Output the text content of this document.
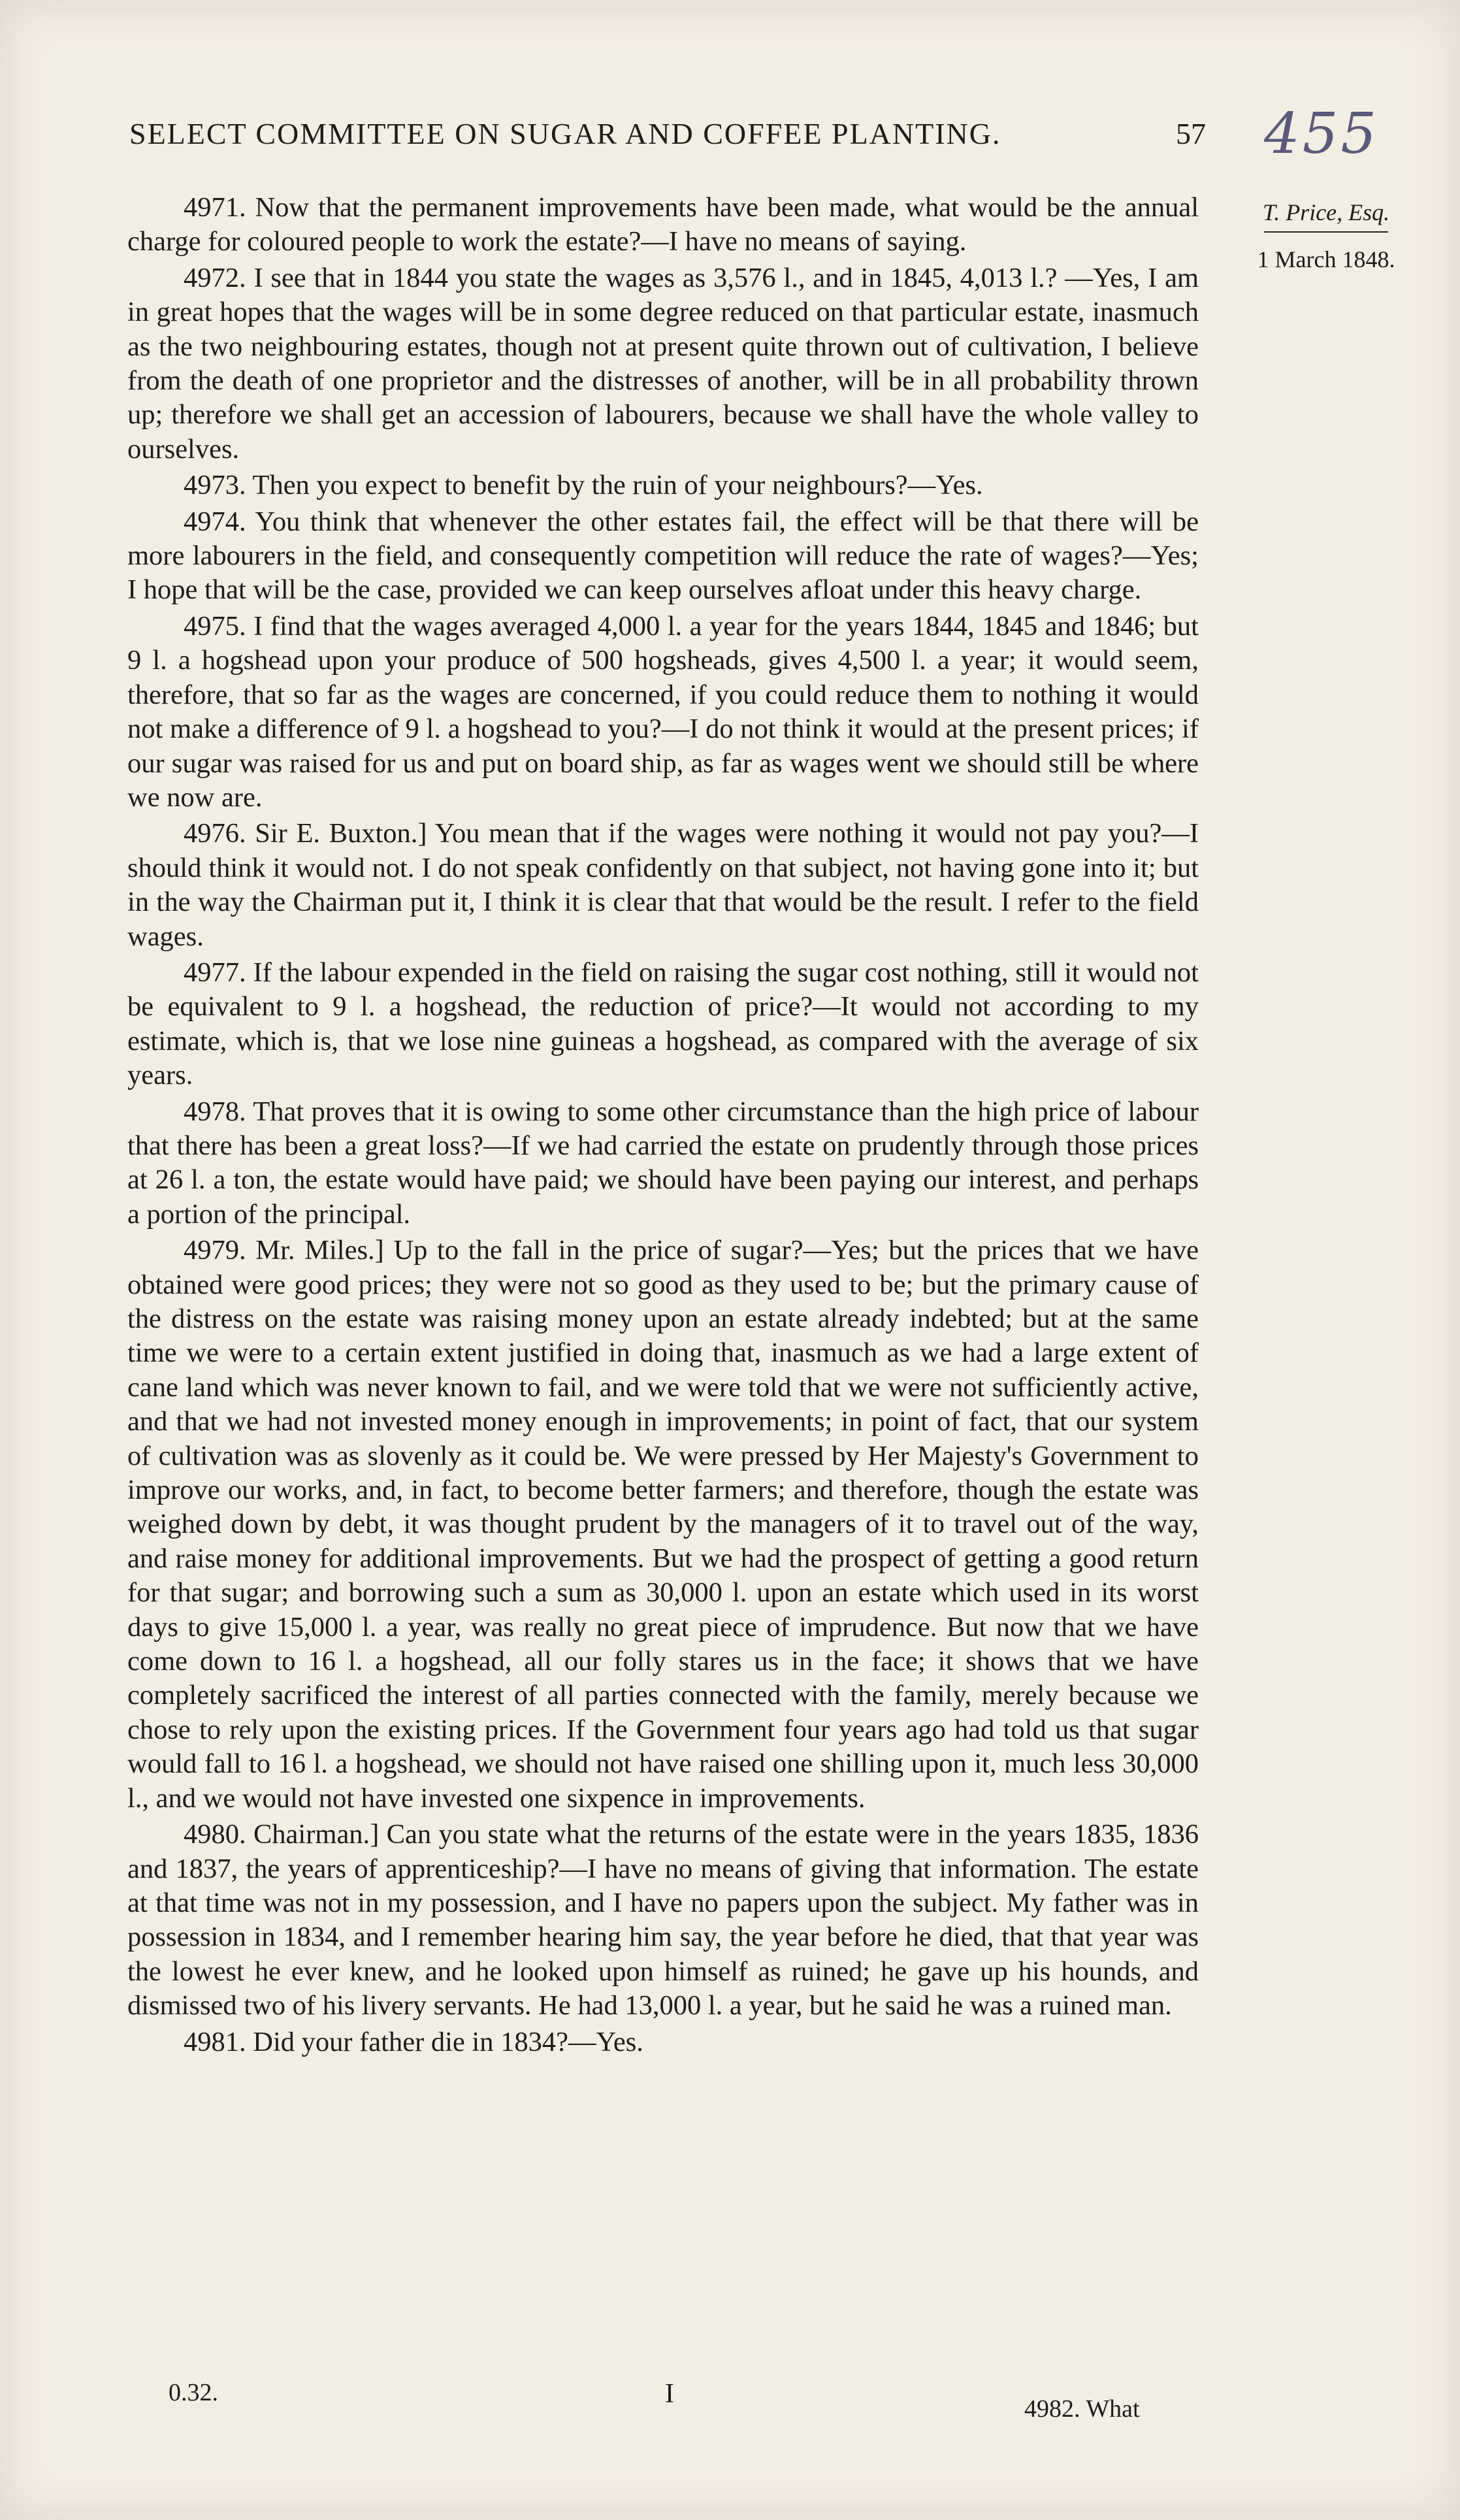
SELECT COMMITTEE ON SUGAR AND COFFEE PLANTING.	57 455
T. Price, Esq.
1 March 1848.

4971. Now that the permanent improvements have been made, what would be the annual charge for coloured people to work the estate?—I have no means of saying.

4972. I see that in 1844 you state the wages as 3,576 l., and in 1845, 4,013 l.? —Yes, I am in great hopes that the wages will be in some degree reduced on that particular estate, inasmuch as the two neighbouring estates, though not at present quite thrown out of cultivation, I believe from the death of one proprietor and the distresses of another, will be in all probability thrown up; therefore we shall get an accession of labourers, because we shall have the whole valley to ourselves.

4973. Then you expect to benefit by the ruin of your neighbours?—Yes.

4974. You think that whenever the other estates fail, the effect will be that there will be more labourers in the field, and consequently competition will reduce the rate of wages?—Yes; I hope that will be the case, provided we can keep ourselves afloat under this heavy charge.

4975. I find that the wages averaged 4,000 l. a year for the years 1844, 1845 and 1846; but 9 l. a hogshead upon your produce of 500 hogsheads, gives 4,500 l. a year; it would seem, therefore, that so far as the wages are concerned, if you could reduce them to nothing it would not make a difference of 9 l. a hogshead to you?—I do not think it would at the present prices; if our sugar was raised for us and put on board ship, as far as wages went we should still be where we now are.

4976. Sir E. Buxton.] You mean that if the wages were nothing it would not pay you?—I should think it would not. I do not speak confidently on that subject, not having gone into it; but in the way the Chairman put it, I think it is clear that that would be the result. I refer to the field wages.

4977. If the labour expended in the field on raising the sugar cost nothing, still it would not be equivalent to 9 l. a hogshead, the reduction of price?—It would not according to my estimate, which is, that we lose nine guineas a hogshead, as compared with the average of six years.

4978. That proves that it is owing to some other circumstance than the high price of labour that there has been a great loss?—If we had carried the estate on prudently through those prices at 26 l. a ton, the estate would have paid; we should have been paying our interest, and perhaps a portion of the principal.

4979. Mr. Miles.] Up to the fall in the price of sugar?—Yes; but the prices that we have obtained were good prices; they were not so good as they used to be; but the primary cause of the distress on the estate was raising money upon an estate already indebted; but at the same time we were to a certain extent justified in doing that, inasmuch as we had a large extent of cane land which was never known to fail, and we were told that we were not sufficiently active, and that we had not invested money enough in improvements; in point of fact, that our system of cultivation was as slovenly as it could be. We were pressed by Her Majesty's Government to improve our works, and, in fact, to become better farmers; and therefore, though the estate was weighed down by debt, it was thought prudent by the managers of it to travel out of the way, and raise money for additional improvements. But we had the prospect of getting a good return for that sugar; and borrowing such a sum as 30,000 l. upon an estate which used in its worst days to give 15,000 l. a year, was really no great piece of imprudence. But now that we have come down to 16 l. a hogshead, all our folly stares us in the face; it shows that we have completely sacrificed the interest of all parties connected with the family, merely because we chose to rely upon the existing prices. If the Government four years ago had told us that sugar would fall to 16 l. a hogshead, we should not have raised one shilling upon it, much less 30,000 l., and we would not have invested one sixpence in improvements.

4980. Chairman.] Can you state what the returns of the estate were in the years 1835, 1836 and 1837, the years of apprenticeship?—I have no means of giving that information. The estate at that time was not in my possession, and I have no papers upon the subject. My father was in possession in 1834, and I remember hearing him say, the year before he died, that that year was the lowest he ever knew, and he looked upon himself as ruined; he gave up his hounds, and dismissed two of his livery servants. He had 13,000 l. a year, but he said he was a ruined man.

4981. Did your father die in 1834?—Yes.

0.32.	I	4982. What
